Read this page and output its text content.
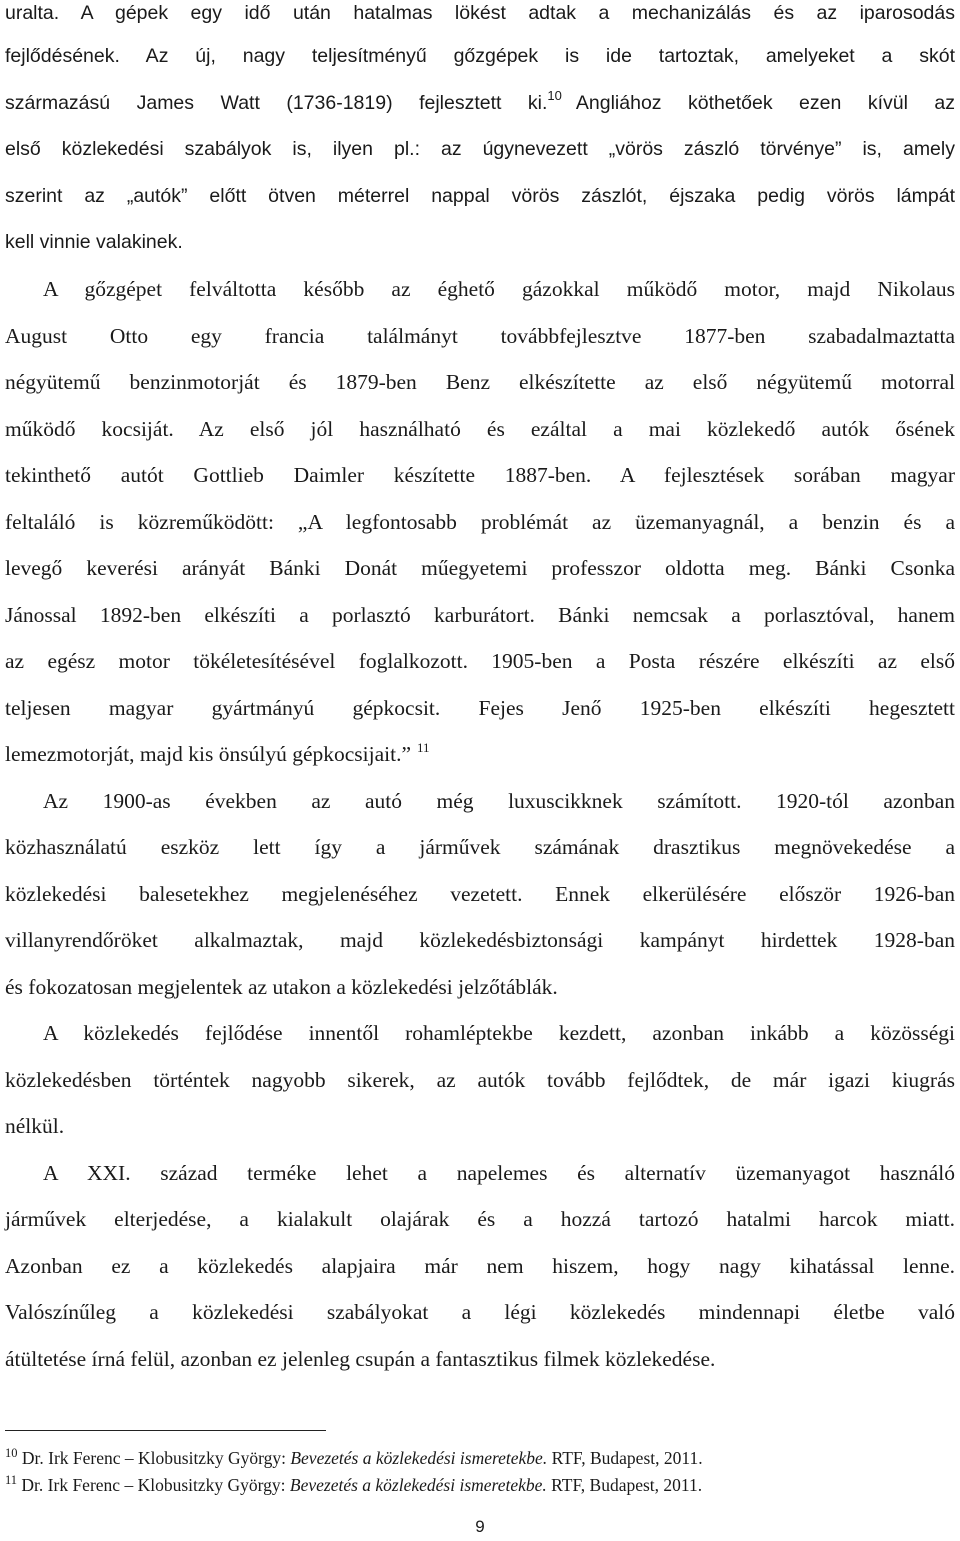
uralta. A gépek egy idő után hatalmas lökést adtak a mechanizálás és az iparosodás
fejlődésének. Az új, nagy teljesítményű gőzgépek is ide tartoztak, amelyeket a skót
származású James Watt (1736-1819) fejlesztett ki.$^{10}$ Angliához köthetőek ezen kívül az
első közlekedési szabályok is, ilyen pl.: az úgynevezett „vörös zászló törvénye” is, amely
szerint az „autók” előtt ötven méterrel nappal vörös zászlót, éjszaka pedig vörös lámpát
kell vinnie valakinek.
A gőzgépet felváltotta később az éghető gázokkal működő motor, majd Nikolaus
August Otto egy francia találmányt továbbfejlesztve 1877-ben szabadalmaztatta
négyütemű benzinmotorját és 1879-ben Benz elkészítette az első négyütemű motorral
működő kocsiját. Az első jól használható és ezáltal a mai közlekedő autók ősének
tekinthető autót Gottlieb Daimler készítette 1887-ben. A fejlesztések sorában magyar
feltaláló is közreműködött: „A legfontosabb problémát az üzemanyagnál, a benzin és a
levegő keverési arányát Bánki Donát műegyetemi professzor oldotta meg. Bánki Csonka
Jánossal 1892-ben elkészíti a porlasztó karburátort. Bánki nemcsak a porlasztóval, hanem
az egész motor tökéletesítésével foglalkozott. 1905-ben a Posta részére elkészíti az első
teljesen magyar gyártmányú gépkocsit. Fejes Jenő 1925-ben elkészíti hegesztett
lemezmotorját, majd kis önsúlyú gépkocsijait.” $^{11}$
Az 1900-as években az autó még luxuscikknek számított. 1920-tól azonban
közhasználatú eszköz lett így a járművek számának drasztikus megnövekedése a
közlekedési balesetekhez megjelenéséhez vezetett. Ennek elkerülésére először 1926-ban
villanyrendőröket alkalmaztak, majd közlekedésbiztonsági kampányt hirdettek 1928-ban
és fokozatosan megjelentek az utakon a közlekedési jelzőtáblák.
A közlekedés fejlődése innentől rohamléptekbe kezdett, azonban inkább a közösségi
közlekedésben történtek nagyobb sikerek, az autók tovább fejlődtek, de már igazi kiugrás
nélkül.
A XXI. század terméke lehet a napelemes és alternatív üzemanyagot használó
járművek elterjedése, a kialakult olajárak és a hozzá tartozó hatalmi harcok miatt.
Azonban ez a közlekedés alapjaira már nem hiszem, hogy nagy kihatással lenne.
Valószínűleg a közlekedési szabályokat a légi közlekedés mindennapi életbe való
átültetése írná felül, azonban ez jelenleg csupán a fantasztikus filmek közlekedése.
$^{10}$ Dr. Irk Ferenc – Klobusitzky György: Bevezetés a közlekedési ismeretekbe. RTF, Budapest, 2011.
$^{11}$ Dr. Irk Ferenc – Klobusitzky György: Bevezetés a közlekedési ismeretekbe. RTF, Budapest, 2011.
9
